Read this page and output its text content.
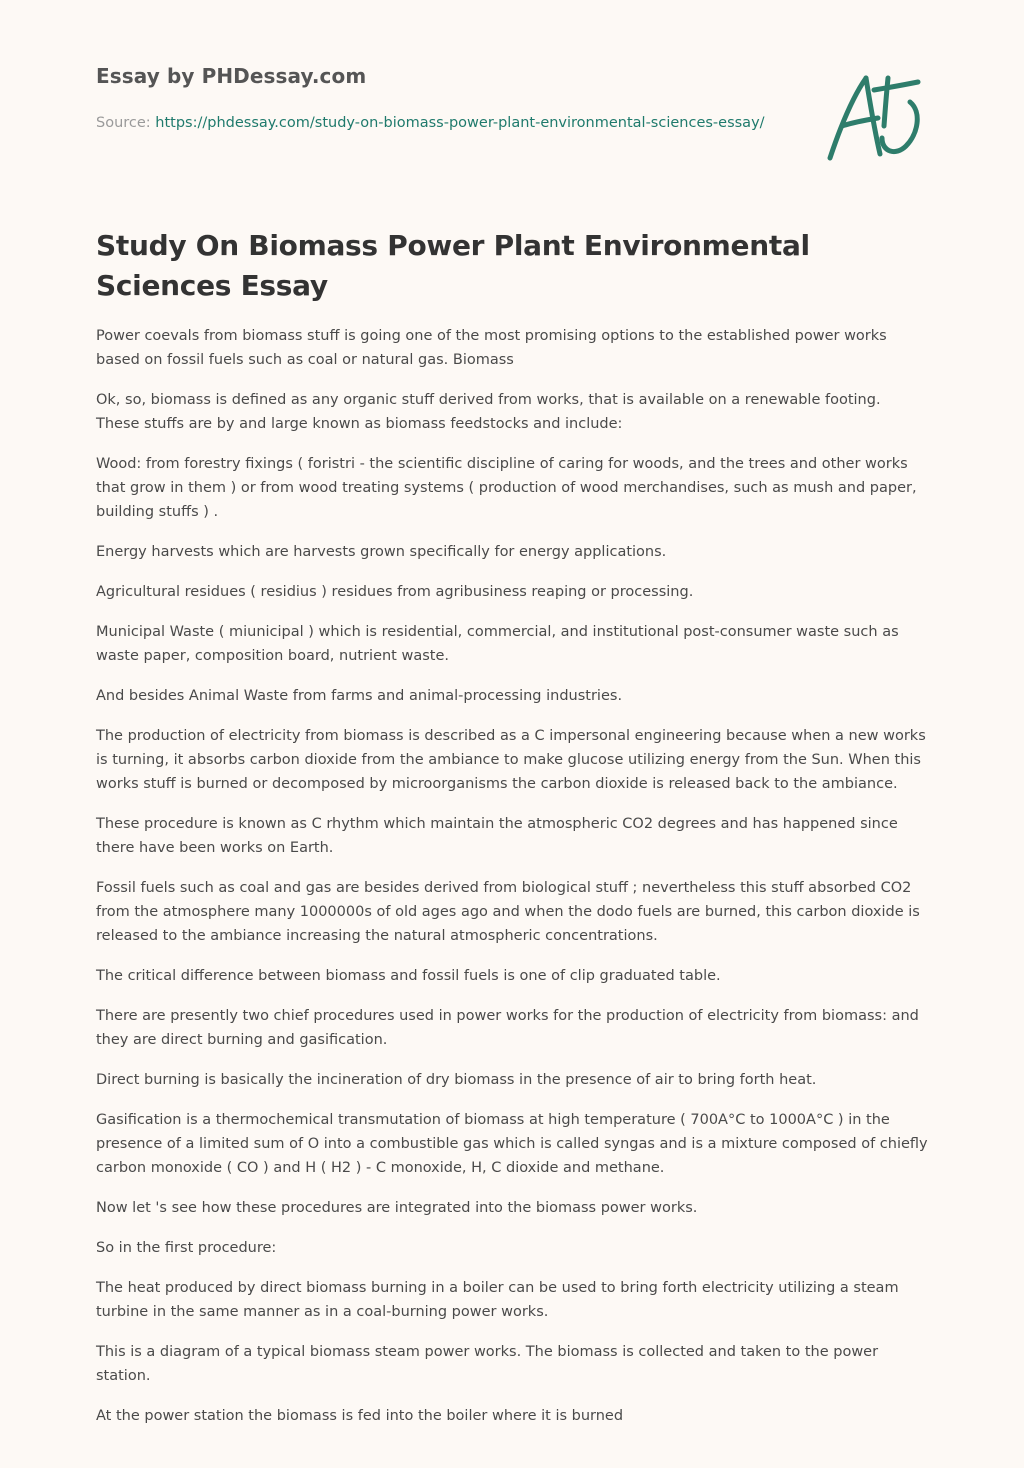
Essay by PHDessay.com
Source: https://phdessay.com/study-on-biomass-power-plant-environmental-sciences-essay/
Study On Biomass Power Plant Environmental Sciences Essay

Power coevals from biomass stuff is going one of the most promising options to the established power works based on fossil fuels such as coal or natural gas. Biomass

Ok, so, biomass is defined as any organic stuff derived from works, that is available on a renewable footing. These stuffs are by and large known as biomass feedstocks and include:

Wood: from forestry fixings ( foristri - the scientific discipline of caring for woods, and the trees and other works that grow in them ) or from wood treating systems ( production of wood merchandises, such as mush and paper, building stuffs ) .

Energy harvests which are harvests grown specifically for energy applications.

Agricultural residues ( residius ) residues from agribusiness reaping or processing.

Municipal Waste ( miunicipal ) which is residential, commercial, and institutional post-consumer waste such as waste paper, composition board, nutrient waste.

And besides Animal Waste from farms and animal-processing industries.

The production of electricity from biomass is described as a C impersonal engineering because when a new works is turning, it absorbs carbon dioxide from the ambiance to make glucose utilizing energy from the Sun. When this works stuff is burned or decomposed by microorganisms the carbon dioxide is released back to the ambiance.

These procedure is known as C rhythm which maintain the atmospheric CO2 degrees and has happened since there have been works on Earth.

Fossil fuels such as coal and gas are besides derived from biological stuff ; nevertheless this stuff absorbed CO2 from the atmosphere many 1000000s of old ages ago and when the dodo fuels are burned, this carbon dioxide is released to the ambiance increasing the natural atmospheric concentrations.

The critical difference between biomass and fossil fuels is one of clip graduated table.

There are presently two chief procedures used in power works for the production of electricity from biomass: and they are direct burning and gasification.

Direct burning is basically the incineration of dry biomass in the presence of air to bring forth heat.

Gasification is a thermochemical transmutation of biomass at high temperature ( 700A°C to 1000A°C ) in the presence of a limited sum of O into a combustible gas which is called syngas and is a mixture composed of chiefly carbon monoxide ( CO ) and H ( H2 ) - C monoxide, H, C dioxide and methane.

Now let 's see how these procedures are integrated into the biomass power works.

So in the first procedure:

The heat produced by direct biomass burning in a boiler can be used to bring forth electricity utilizing a steam turbine in the same manner as in a coal-burning power works.

This is a diagram of a typical biomass steam power works. The biomass is collected and taken to the power station.

At the power station the biomass is fed into the boiler where it is burned
